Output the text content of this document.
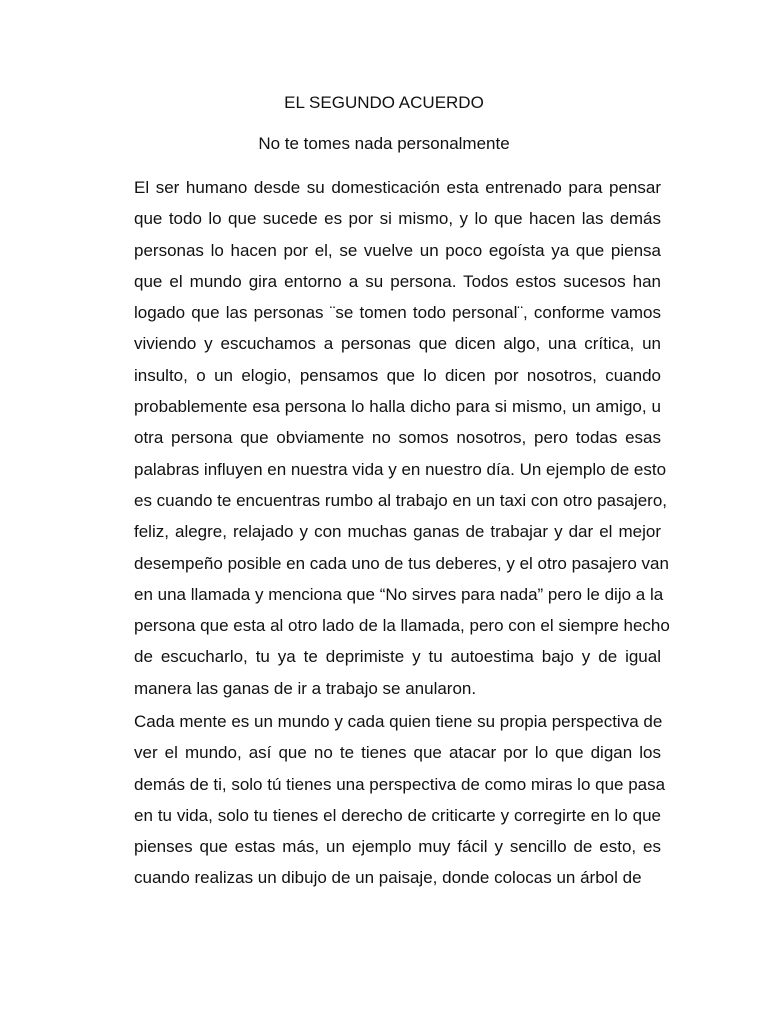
EL SEGUNDO ACUERDO
No te tomes nada personalmente

El ser humano desde su domesticación esta entrenado para pensar
que todo lo que sucede es por si mismo, y lo que hacen las demás
personas lo hacen por el, se vuelve un poco egoísta ya que piensa
que el mundo gira entorno a su persona. Todos estos sucesos han
logado que las personas ¨se tomen todo personal¨, conforme vamos
viviendo y escuchamos a personas que dicen algo, una crítica, un
insulto, o un elogio, pensamos que lo dicen por nosotros, cuando
probablemente esa persona lo halla dicho para si mismo, un amigo, u
otra persona que obviamente no somos nosotros, pero todas esas
palabras influyen en nuestra vida y en nuestro día. Un ejemplo de esto
es cuando te encuentras rumbo al trabajo en un taxi con otro pasajero,
feliz, alegre, relajado y con muchas ganas de trabajar y dar el mejor
desempeño posible en cada uno de tus deberes, y el otro pasajero van
en una llamada y menciona que “No sirves para nada” pero le dijo a la
persona que esta al otro lado de la llamada, pero con el siempre hecho
de escucharlo, tu ya te deprimiste y tu autoestima bajo y de igual
manera las ganas de ir a trabajo se anularon.

Cada mente es un mundo y cada quien tiene su propia perspectiva de
ver el mundo, así que no te tienes que atacar por lo que digan los
demás de ti, solo tú tienes una perspectiva de como miras lo que pasa
en tu vida, solo tu tienes el derecho de criticarte y corregirte en lo que
pienses que estas más, un ejemplo muy fácil y sencillo de esto, es
cuando realizas un dibujo de un paisaje, donde colocas un árbol de
